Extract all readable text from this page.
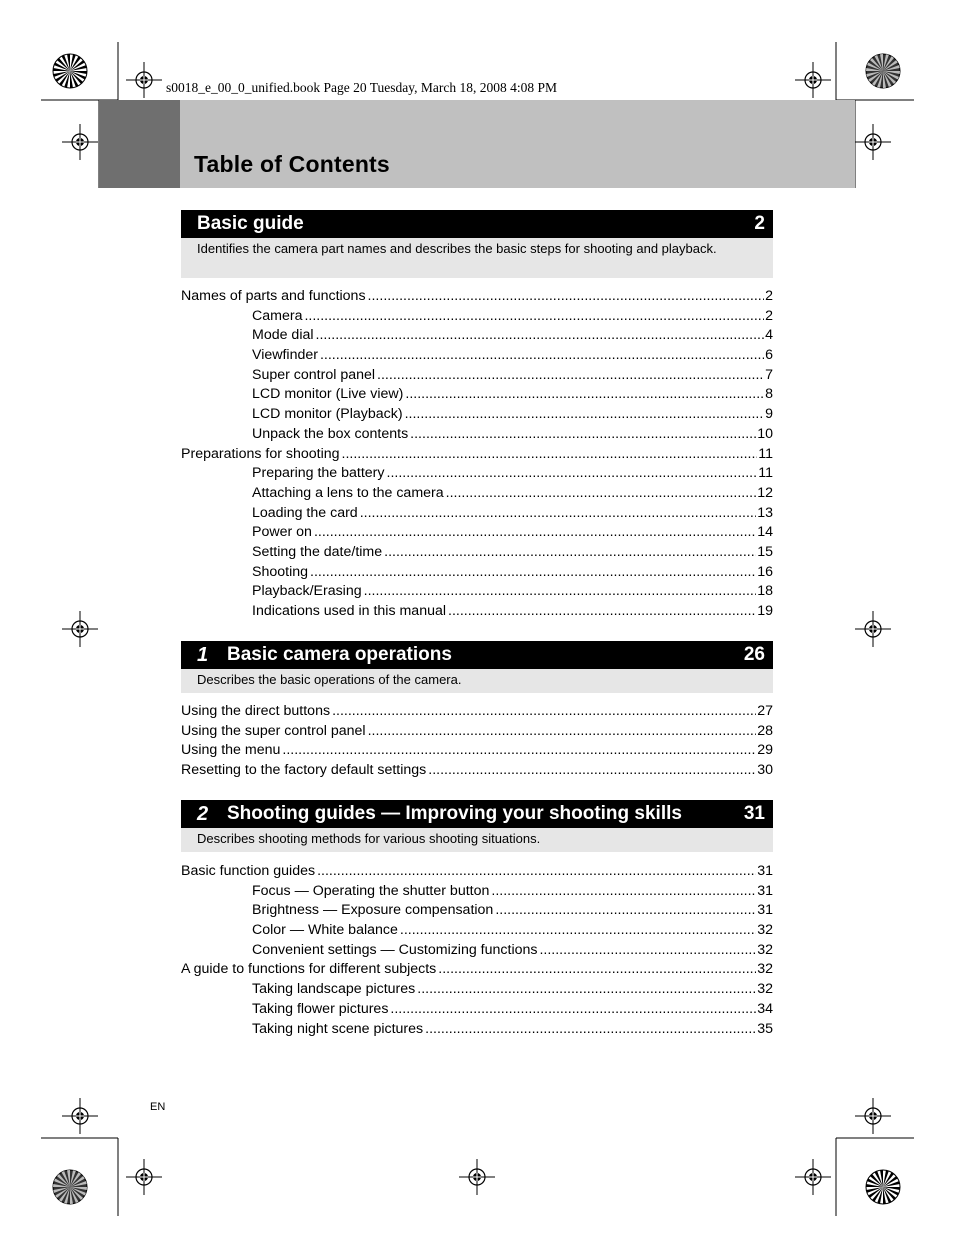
s0018_e_00_0_unified.book Page 20 Tuesday, March 18, 2008 4:08 PM
Table of Contents
Basic guide	2
Identifies the camera part names and describes the basic steps for shooting and playback.
Names of parts and functions .....	2
Camera .....	2
Mode dial .....	4
Viewfinder .....	6
Super control panel .....	7
LCD monitor (Live view) .....	8
LCD monitor (Playback) .....	9
Unpack the box contents .....	10
Preparations for shooting .....	11
Preparing the battery .....	11
Attaching a lens to the camera .....	12
Loading the card .....	13
Power on .....	14
Setting the date/time .....	15
Shooting .....	16
Playback/Erasing .....	18
Indications used in this manual .....	19
1 Basic camera operations	26
Describes the basic operations of the camera.
Using the direct buttons .....	27
Using the super control panel .....	28
Using the menu .....	29
Resetting to the factory default settings .....	30
2 Shooting guides — Improving your shooting skills	31
Describes shooting methods for various shooting situations.
Basic function guides .....	31
Focus — Operating the shutter button .....	31
Brightness — Exposure compensation .....	31
Color — White balance .....	32
Convenient settings — Customizing functions .....	32
A guide to functions for different subjects .....	32
Taking landscape pictures .....	32
Taking flower pictures .....	34
Taking night scene pictures .....	35
EN
